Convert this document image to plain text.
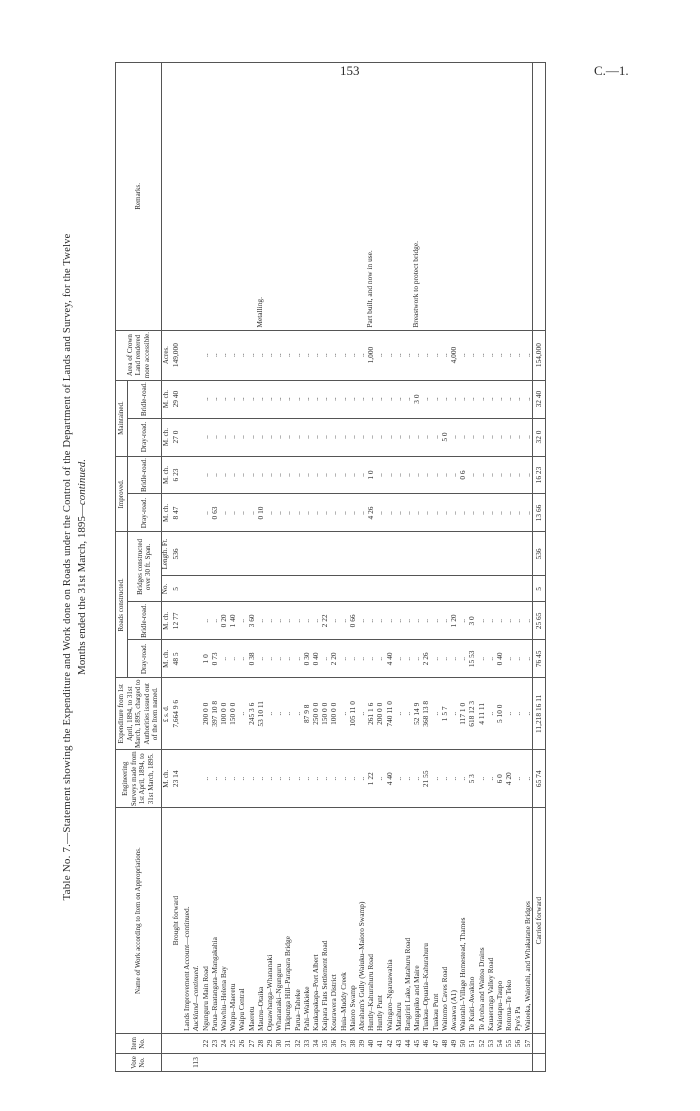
153	C.—1.
Table No. 7.—Statement showing the Expenditure and Work done on Roads under the Control of the Department of Lands and Survey, for the Twelve Months ended the 31st March, 1895—continued.
Vote No.	Item No.	Name of Work according to Item on Appropriations.	Engineering Surveys made from 1st April, 1894, to 31st March, 1895.	Expenditure from 1st April, 1894, to 31st March, 1895, charged to Authorities issued out of the Item named.	Roads constructed.				Improved.		Maintained.		Area of Crown Land rendered more accessible.	Remarks.
					Dray-road.	Bridle-road.	Bridges constructed over 30 ft. Span.		Dray-road.	Bridle-road.	Dray-road.	Bridle-road.		

			M. ch.	£ s. d.	M. ch.	M. ch.	No.	Length. Ft.	M. ch.	M. ch.	M. ch.	M. ch.	Acres.	
		Brought forward	23 14	7,664 9 6	48 5	12 77	5	536	8 47	6 23	27 0	29 40	149,000	
		Lands Improvement Account—continued.												
113		Auckland—continued.												
	22	Ngunguru Main Road	..	200 0 0	1 0	..			..	..	..	..	..	
	23	Parua–Ruatangata–Mangakahia	..	397 10 8	0 73	..			0 63	..	..	..	..	
	24	Waiwhiu–Helena Bay	..	100 0 0	..	0 20			..	..	..	..	..	
	25	Waipu–Maeretu	..	150 0 0	..	1 40			..	..	..	..	..	
	26	Waipu Central	..	..	..	..			..	..	..	..	..	
	27	Maeretu	..	245 3 6	0 38	3 60			..	..	..	..	..	
	28	Maunu–Otaika	..	53 10 11	..	..			0 10	..	..	..	..	Metalling.
	29	Opuawhanga–Whananaki	..	..	..	..			..	..	..	..	..	
	30	Whananaki–Ngunguru	..	..	..	..			..	..	..	..	..	
	31	Tikipunga Hill–Parapara Bridge	..	..	..	..			..	..	..	..	..	
	32	Parua–Taheke	..	..	..	..			..	..	..	..	..	
	33	Pahi–Waikieke	..	87 9 8	0 30	..			..	..	..	..	..	
	34	Kaukapakapa–Port Albert	..	250 0 0	0 40	..			..	..	..	..	..	
	35	Kaipara Flats Settlement Road	..	150 0 0	..	2 22			..	..	..	..	..	
	36	Kourawera District	..	100 0 0	2 20	..			..	..	..	..	..	
	37	Huia–Muddy Creek	..	..	..	..			..	..	..	..	..	
	38	Maioro Swamp	..	105 11 0	..	0 66			..	..	..	..	..	
	39	Abraham's Gully (Waiuku–Maioro Swamp)	..	..	..	..			..	..	..	..	..	
	40	Huntly–Kahurahuru Road	1 22	261 1 6	..	..			4 26	1 0	..	..	1,000	Part built, and now in use.
	41	Huntly Punt	..	200 0 0	..	..			..	..	..	..	..	
	42	Waingaro–Ngaruawahia	4 40	740 11 0	4 40	..			..	..	..	..	..	
	43	Matahuru	..	..	..	..			..	..	..	..	..	
	44	Rangiriri Lake, Matahuru Road	..	..	..	..			..	..	..	..	..	
	45	Mangapiko and Maire	..	52 14 9	..	..			..	..	..	3 0	..	Breastwork to protect bridge.
	46	Tuakau–Opuatia–Kahurahuru	21 55	368 13 8	2 26	..			..	..	..	..	..	
	47	Tuakau Punt	..	..	..	..			..	..	..	..	..	
	48	Waitomo Caves Road	..	1 5 7	..	..			..	..	5 0	..	..	
	49	Awaawa (A1)	..	..	..	1 20			..	..	..	..	4,000	
	50	Waiotahi–Village Homestead, Thames	..	117 1 0	..	..			..	0 6	..	..	..	
	51	Te Kuiti–Awakino	5 3	618 12 3	15 53	3 0			..	..	..	..	..	
	52	Te Aroha and Waitoa Drains	..	4 11 11	..	..			..	..	..	..	..	
	53	Kauaeranga Valley Road	..	..	..	..			..	..	..	..	..	
	54	Waiotapu–Taupo	6 0	5 10 0	0 40	..			..	..	..	..	..	
	55	Rotorua–Te Teko	4 20	..	..	..			..	..	..	..	..	
	56	Pye's Pa	..	..	..	..			..	..	..	..	..	
	57	Waioeka, Waiotahi, and Whakatane Bridges	..	..	..	..			..	..	..	..	..	
		Carried forward	65 74	11,218 16 11	76 45	25 65	5	536	13 66	16 23	32 0	32 40	154,000	
